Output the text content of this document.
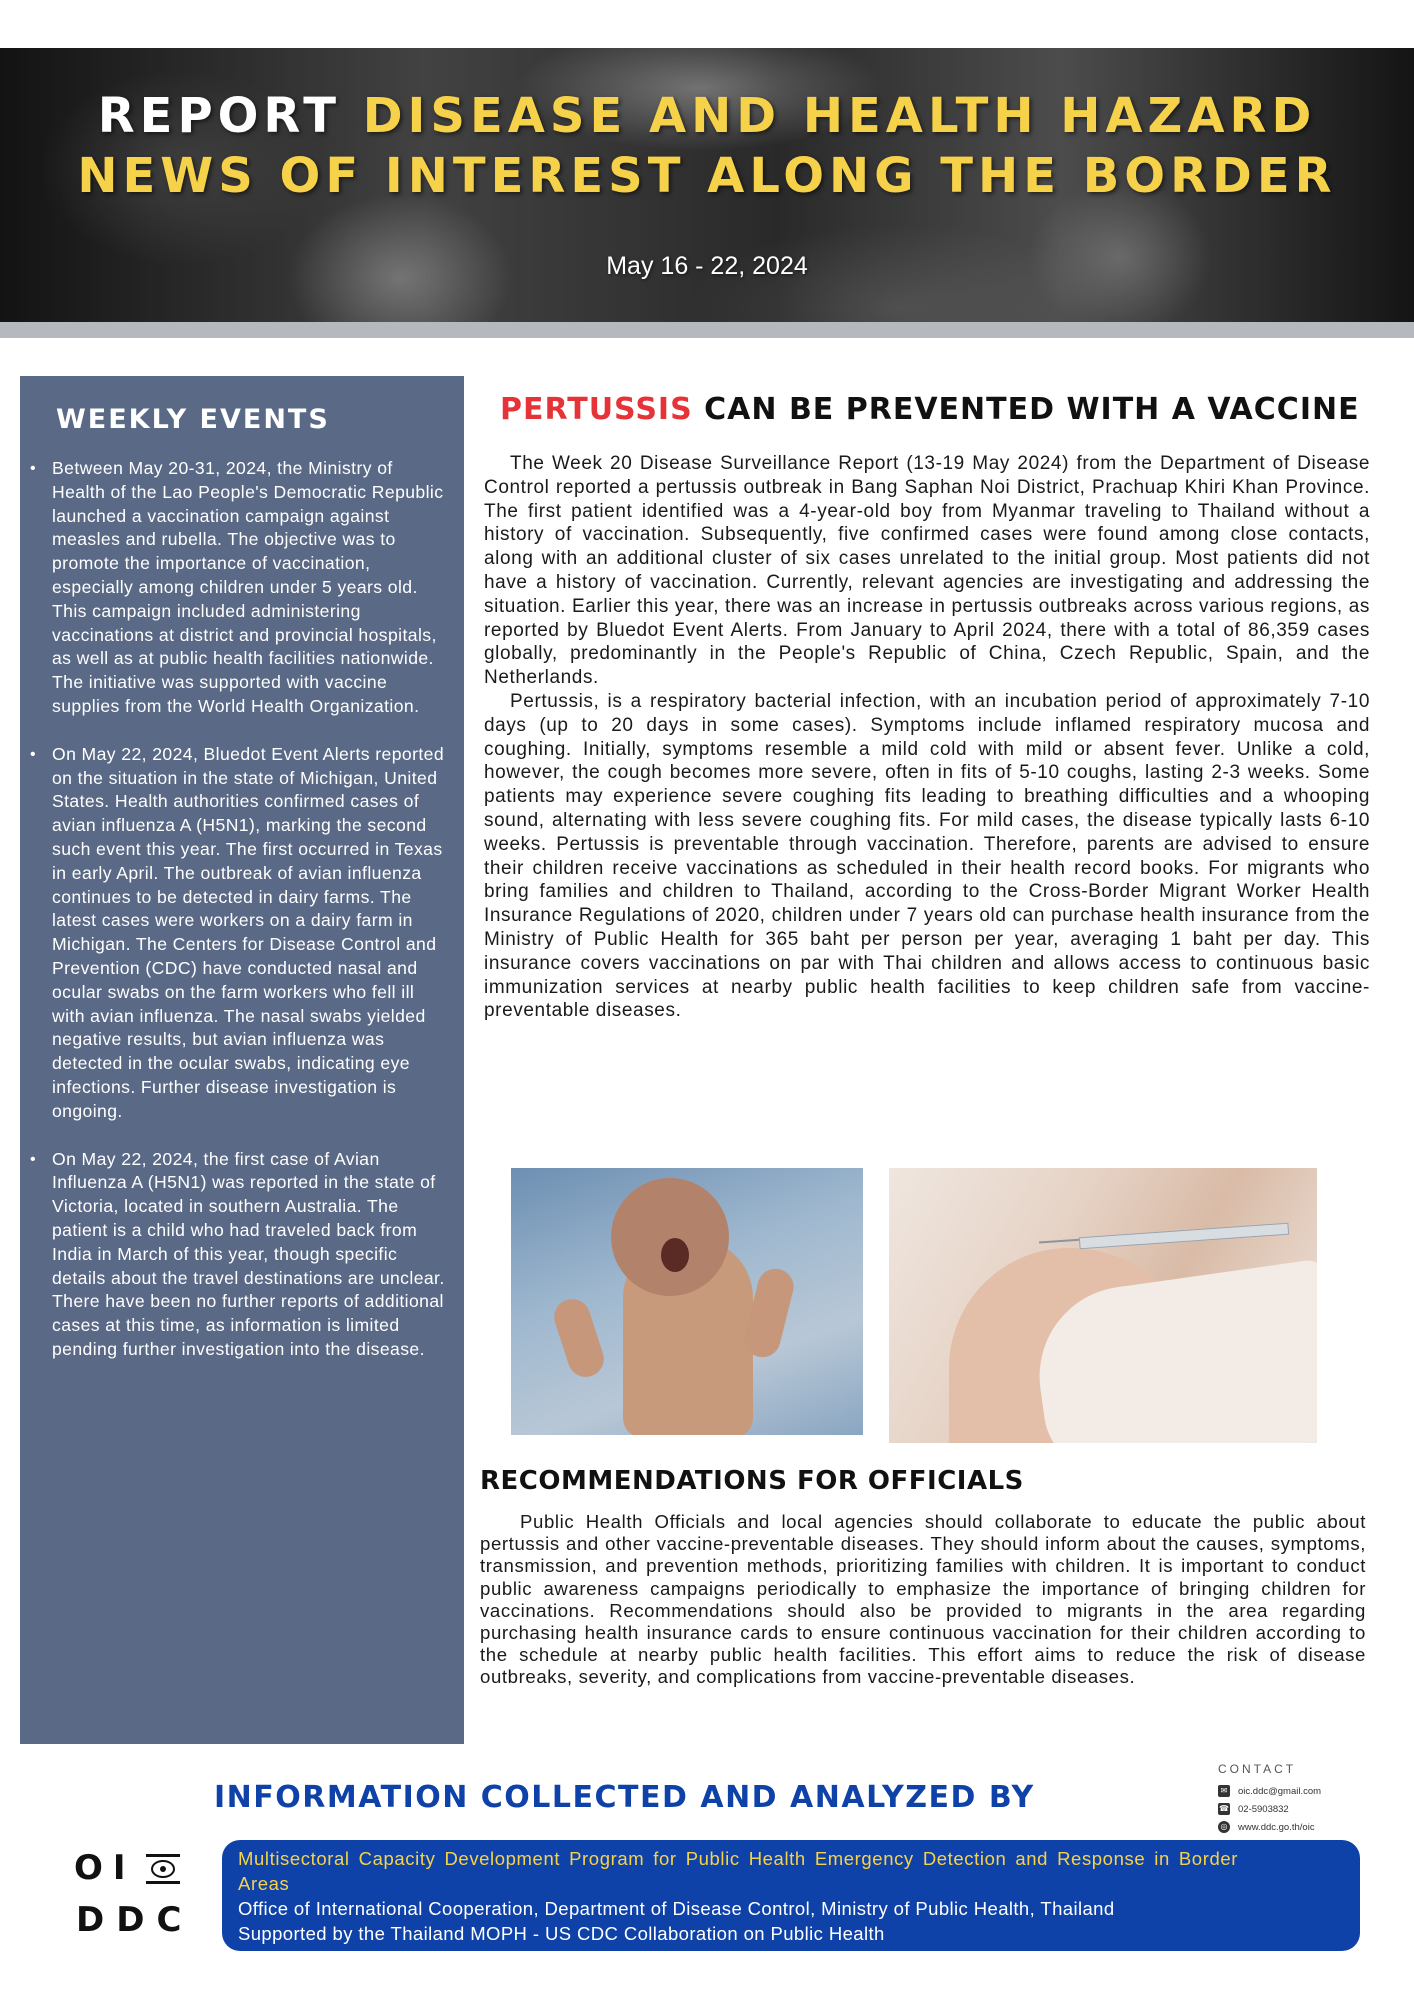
REPORT DISEASE AND HEALTH HAZARD
NEWS OF INTEREST ALONG THE BORDER
May 16 - 22, 2024
WEEKLY EVENTS
• Between May 20-31, 2024, the Ministry of Health of the Lao People's Democratic Republic launched a vaccination campaign against measles and rubella. The objective was to promote the importance of vaccination, especially among children under 5 years old. This campaign included administering vaccinations at district and provincial hospitals, as well as at public health facilities nationwide. The initiative was supported with vaccine supplies from the World Health Organization.
• On May 22, 2024, Bluedot Event Alerts reported on the situation in the state of Michigan, United States. Health authorities confirmed cases of avian influenza A (H5N1), marking the second such event this year. The first occurred in Texas in early April. The outbreak of avian influenza continues to be detected in dairy farms. The latest cases were workers on a dairy farm in Michigan. The Centers for Disease Control and Prevention (CDC) have conducted nasal and ocular swabs on the farm workers who fell ill with avian influenza. The nasal swabs yielded negative results, but avian influenza was detected in the ocular swabs, indicating eye infections. Further disease investigation is ongoing.
• On May 22, 2024, the first case of Avian Influenza A (H5N1) was reported in the state of Victoria, located in southern Australia. The patient is a child who had traveled back from India in March of this year, though specific details about the travel destinations are unclear. There have been no further reports of additional cases at this time, as information is limited pending further investigation into the disease.
PERTUSSIS CAN BE PREVENTED WITH A VACCINE

The Week 20 Disease Surveillance Report (13-19 May 2024) from the Department of Disease Control reported a pertussis outbreak in Bang Saphan Noi District, Prachuap Khiri Khan Province. The first patient identified was a 4-year-old boy from Myanmar traveling to Thailand without a history of vaccination. Subsequently, five confirmed cases were found among close contacts, along with an additional cluster of six cases unrelated to the initial group. Most patients did not have a history of vaccination. Currently, relevant agencies are investigating and addressing the situation. Earlier this year, there was an increase in pertussis outbreaks across various regions, as reported by Bluedot Event Alerts. From January to April 2024, there with a total of 86,359 cases globally, predominantly in the People's Republic of China, Czech Republic, Spain, and the Netherlands.

Pertussis, is a respiratory bacterial infection, with an incubation period of approximately 7-10 days (up to 20 days in some cases). Symptoms include inflamed respiratory mucosa and coughing. Initially, symptoms resemble a mild cold with mild or absent fever. Unlike a cold, however, the cough becomes more severe, often in fits of 5-10 coughs, lasting 2-3 weeks. Some patients may experience severe coughing fits leading to breathing difficulties and a whooping sound, alternating with less severe coughing fits. For mild cases, the disease typically lasts 6-10 weeks. Pertussis is preventable through vaccination. Therefore, parents are advised to ensure their children receive vaccinations as scheduled in their health record books. For migrants who bring families and children to Thailand, according to the Cross-Border Migrant Worker Health Insurance Regulations of 2020, children under 7 years old can purchase health insurance from the Ministry of Public Health for 365 baht per person per year, averaging 1 baht per day. This insurance covers vaccinations on par with Thai children and allows access to continuous basic immunization services at nearby public health facilities to keep children safe from vaccine-preventable diseases.

RECOMMENDATIONS FOR OFFICIALS

Public Health Officials and local agencies should collaborate to educate the public about pertussis and other vaccine-preventable diseases. They should inform about the causes, symptoms, transmission, and prevention methods, prioritizing families with children. It is important to conduct public awareness campaigns periodically to emphasize the importance of bringing children for vaccinations. Recommendations should also be provided to migrants in the area regarding purchasing health insurance cards to ensure continuous vaccination for their children according to the schedule at nearby public health facilities. This effort aims to reduce the risk of disease outbreaks, severity, and complications from vaccine-preventable diseases.

INFORMATION COLLECTED AND ANALYZED BY
CONTACT
✉ oic.ddc@gmail.com
☎ 02-5903832
◎ www.ddc.go.th/oic
OI
DDC
Multisectoral Capacity Development Program for Public Health Emergency Detection and Response in Border Areas
Office of International Cooperation, Department of Disease Control, Ministry of Public Health, Thailand
Supported by the Thailand MOPH - US CDC Collaboration on Public Health
